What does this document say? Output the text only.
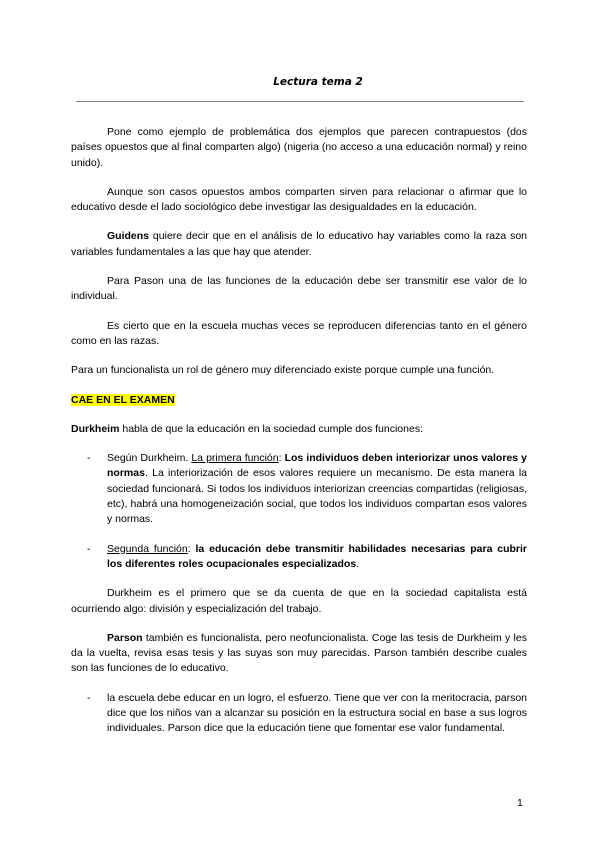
Lectura tema 2

Pone como ejemplo de problemática dos ejemplos que parecen contrapuestos (dos países opuestos que al final comparten algo) (nigeria (no acceso a una educación normal) y reino unido).

Aunque son casos opuestos ambos comparten sirven para relacionar o afirmar que lo educativo desde el lado sociológico debe investigar las desigualdades en la educación.

Guidens quiere decir que en el análisis de lo educativo hay variables como la raza son variables fundamentales a las que hay que atender.

Para Pason una de las funciones de la educación debe ser transmitir ese valor de lo individual.

Es cierto que en la escuela muchas veces se reproducen diferencias tanto en el género como en las razas.

Para un funcionalista un rol de género muy diferenciado existe porque cumple una función.

CAE EN EL EXAMEN

Durkheim habla de que la educación en la sociedad cumple dos funciones:

- Según Durkheim. La primera función: Los individuos deben interiorizar unos valores y normas. La interiorización de esos valores requiere un mecanismo. De esta manera la sociedad funcionará. Si todos los individuos interiorizan creencias compartidas (religiosas, etc), habrá una homogeneización social, que todos los individuos compartan esos valores y normas.
- Segunda función: la educación debe transmitir habilidades necesarias para cubrir los diferentes roles ocupacionales especializados.

Durkheim es el primero que se da cuenta de que en la sociedad capitalista está ocurriendo algo: división y especialización del trabajo.

Parson también es funcionalista, pero neofuncionalista. Coge las tesis de Durkheim y les da la vuelta, revisa esas tesis y las suyas son muy parecidas. Parson también describe cuales son las funciones de lo educativo.

- la escuela debe educar en un logro, el esfuerzo. Tiene que ver con la meritocracia, parson dice que los niños van a alcanzar su posición en la estructura social en base a sus logros individuales. Parson dice que la educación tiene que fomentar ese valor fundamental.
1
